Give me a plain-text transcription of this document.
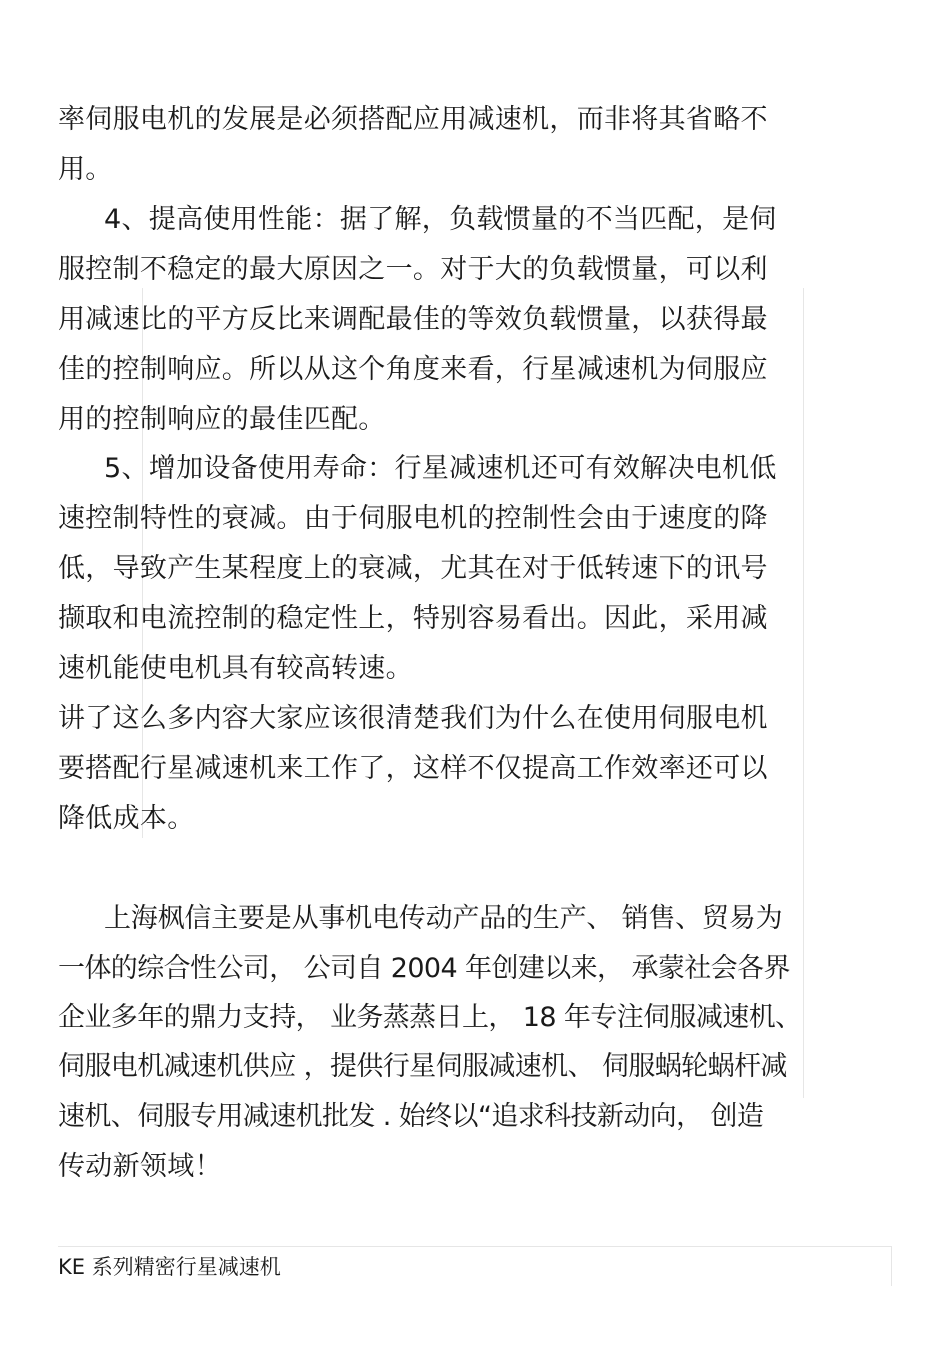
率伺服电机的发展是必须搭配应用减速机，而非将其省略不
用。
4、提高使用性能：据了解，负载惯量的不当匹配，是伺
服控制不稳定的最大原因之一。对于大的负载惯量，可以利
用减速比的平方反比来调配最佳的等效负载惯量，以获得最
佳的控制响应。所以从这个角度来看，行星减速机为伺服应
用的控制响应的最佳匹配。
5、增加设备使用寿命：行星减速机还可有效解决电机低
速控制特性的衰减。由于伺服电机的控制性会由于速度的降
低，导致产生某程度上的衰减，尤其在对于低转速下的讯号
撷取和电流控制的稳定性上，特别容易看出。因此，采用减
速机能使电机具有较高转速。
讲了这么多内容大家应该很清楚我们为什么在使用伺服电机
要搭配行星减速机来工作了，这样不仅提高工作效率还可以
降低成本。
上海枫信主要是从事机电传动产品的生产、 销售、贸易为
一体的综合性公司， 公司自 2004 年创建以来， 承蒙社会各界
企业多年的鼎力支持， 业务蒸蒸日上， 18 年专注伺服减速机、
伺服电机减速机供应 ，提供行星伺服减速机、 伺服蜗轮蜗杆减
速机、伺服专用减速机批发 . 始终以“追求科技新动向， 创造
传动新领域！
KE 系列精密行星减速机
